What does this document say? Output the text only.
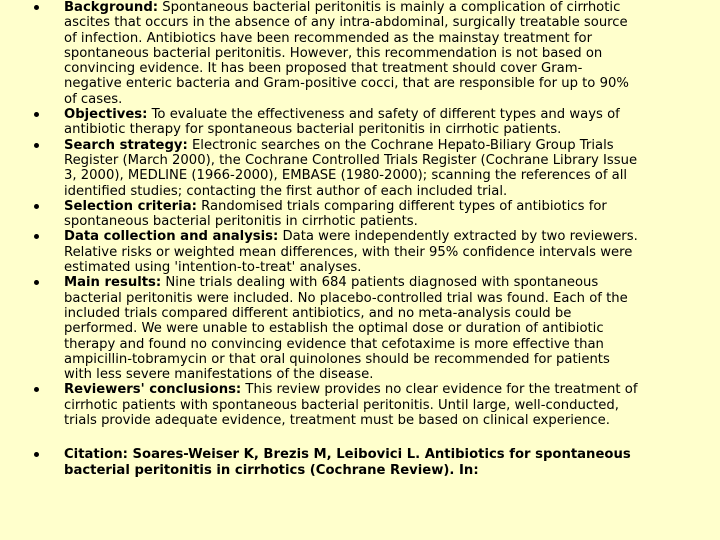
Background: Spontaneous bacterial peritonitis is mainly a complication of cirrhotic ascites that occurs in the absence of any intra-abdominal, surgically treatable source of infection. Antibiotics have been recommended as the mainstay treatment for spontaneous bacterial peritonitis. However, this recommendation is not based on convincing evidence. It has been proposed that treatment should cover Gram-negative enteric bacteria and Gram-positive cocci, that are responsible for up to 90% of cases.
Objectives: To evaluate the effectiveness and safety of different types and ways of antibiotic therapy for spontaneous bacterial peritonitis in cirrhotic patients.
Search strategy: Electronic searches on the Cochrane Hepato-Biliary Group Trials Register (March 2000), the Cochrane Controlled Trials Register (Cochrane Library Issue 3, 2000), MEDLINE (1966-2000), EMBASE (1980-2000); scanning the references of all identified studies; contacting the first author of each included trial.
Selection criteria: Randomised trials comparing different types of antibiotics for spontaneous bacterial peritonitis in cirrhotic patients.
Data collection and analysis: Data were independently extracted by two reviewers. Relative risks or weighted mean differences, with their 95% confidence intervals were estimated using 'intention-to-treat' analyses.
Main results: Nine trials dealing with 684 patients diagnosed with spontaneous bacterial peritonitis were included. No placebo-controlled trial was found. Each of the included trials compared different antibiotics, and no meta-analysis could be performed. We were unable to establish the optimal dose or duration of antibiotic therapy and found no convincing evidence that cefotaxime is more effective than ampicillin-tobramycin or that oral quinolones should be recommended for patients with less severe manifestations of the disease.
Reviewers' conclusions: This review provides no clear evidence for the treatment of cirrhotic patients with spontaneous bacterial peritonitis. Until large, well-conducted, trials provide adequate evidence, treatment must be based on clinical experience.
Citation: Soares-Weiser K, Brezis M, Leibovici L. Antibiotics for spontaneous bacterial peritonitis in cirrhotics (Cochrane Review). In:
